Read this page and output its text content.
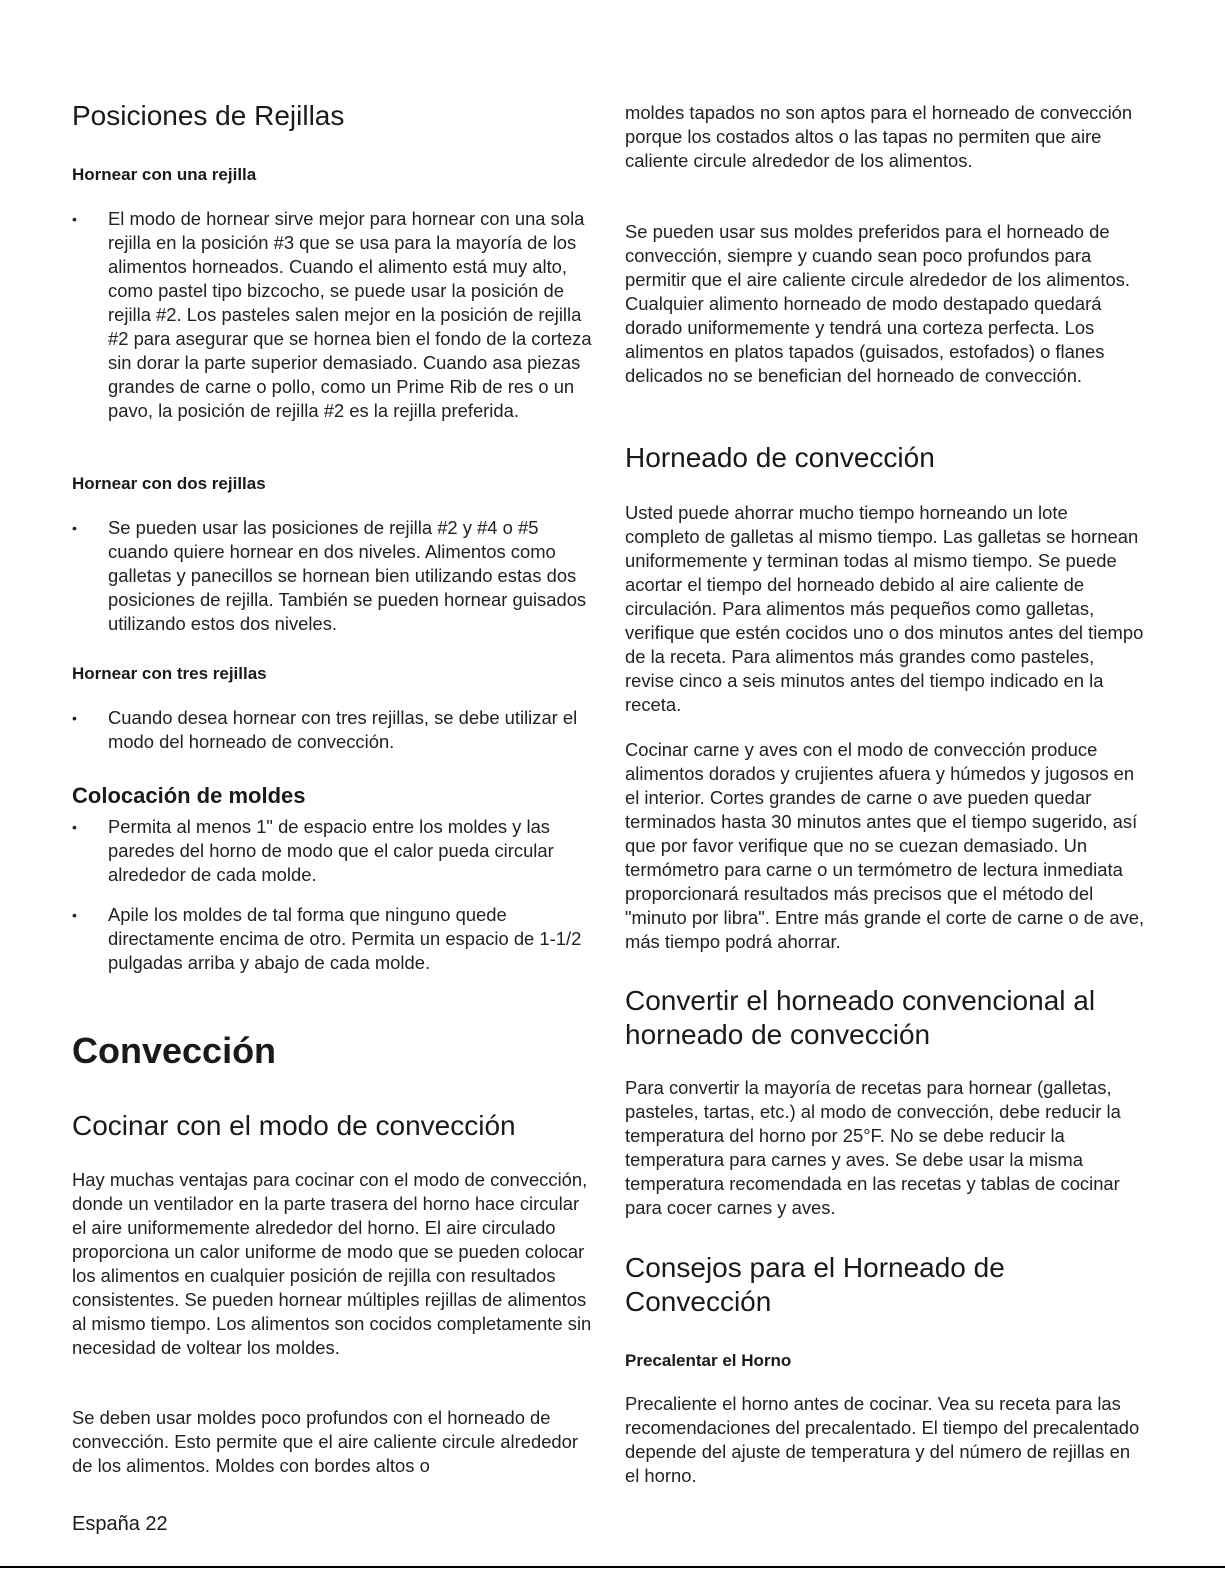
Posiciones de Rejillas
Hornear con una rejilla
• El modo de hornear sirve mejor para hornear con una sola rejilla en la posición #3 que se usa para la mayoría de los alimentos horneados. Cuando el alimento está muy alto, como pastel tipo bizcocho, se puede usar la posición de rejilla #2. Los pasteles salen mejor en la posición de rejilla #2 para asegurar que se hornea bien el fondo de la corteza sin dorar la parte superior demasiado. Cuando asa piezas grandes de carne o pollo, como un Prime Rib de res o un pavo, la posición de rejilla #2 es la rejilla preferida.
Hornear con dos rejillas
• Se pueden usar las posiciones de rejilla #2 y #4 o #5 cuando quiere hornear en dos niveles. Alimentos como galletas y panecillos se hornean bien utilizando estas dos posiciones de rejilla. También se pueden hornear guisados utilizando estos dos niveles.
Hornear con tres rejillas
• Cuando desea hornear con tres rejillas, se debe utilizar el modo del horneado de convección.
Colocación de moldes
• Permita al menos 1" de espacio entre los moldes y las paredes del horno de modo que el calor pueda circular alrededor de cada molde.
• Apile los moldes de tal forma que ninguno quede directamente encima de otro. Permita un espacio de 1-1/2 pulgadas arriba y abajo de cada molde.
Convección
Cocinar con el modo de convección

Hay muchas ventajas para cocinar con el modo de convección, donde un ventilador en la parte trasera del horno hace circular el aire uniformemente alrededor del horno. El aire circulado proporciona un calor uniforme de modo que se pueden colocar los alimentos en cualquier posición de rejilla con resultados consistentes. Se pueden hornear múltiples rejillas de alimentos al mismo tiempo. Los alimentos son cocidos completamente sin necesidad de voltear los moldes.

Se deben usar moldes poco profundos con el horneado de convección. Esto permite que el aire caliente circule alrededor de los alimentos. Moldes con bordes altos o

moldes tapados no son aptos para el horneado de convección porque los costados altos o las tapas no permiten que aire caliente circule alrededor de los alimentos.

Se pueden usar sus moldes preferidos para el horneado de convección, siempre y cuando sean poco profundos para permitir que el aire caliente circule alrededor de los alimentos. Cualquier alimento horneado de modo destapado quedará dorado uniformemente y tendrá una corteza perfecta. Los alimentos en platos tapados (guisados, estofados) o flanes delicados no se benefician del horneado de convección.

Horneado de convección

Usted puede ahorrar mucho tiempo horneando un lote completo de galletas al mismo tiempo. Las galletas se hornean uniformemente y terminan todas al mismo tiempo. Se puede acortar el tiempo del horneado debido al aire caliente de circulación. Para alimentos más pequeños como galletas, verifique que estén cocidos uno o dos minutos antes del tiempo de la receta. Para alimentos más grandes como pasteles, revise cinco a seis minutos antes del tiempo indicado en la receta.

Cocinar carne y aves con el modo de convección produce alimentos dorados y crujientes afuera y húmedos y jugosos en el interior. Cortes grandes de carne o ave pueden quedar terminados hasta 30 minutos antes que el tiempo sugerido, así que por favor verifique que no se cuezan demasiado. Un termómetro para carne o un termómetro de lectura inmediata proporcionará resultados más precisos que el método del "minuto por libra". Entre más grande el corte de carne o de ave, más tiempo podrá ahorrar.

Convertir el horneado convencional al horneado de convección

Para convertir la mayoría de recetas para hornear (galletas, pasteles, tartas, etc.) al modo de convección, debe reducir la temperatura del horno por 25°F. No se debe reducir la temperatura para carnes y aves. Se debe usar la misma temperatura recomendada en las recetas y tablas de cocinar para cocer carnes y aves.

Consejos para el Horneado de Convección
Precalentar el Horno

Precaliente el horno antes de cocinar. Vea su receta para las recomendaciones del precalentado. El tiempo del precalentado depende del ajuste de temperatura y del número de rejillas en el horno.

España 22
